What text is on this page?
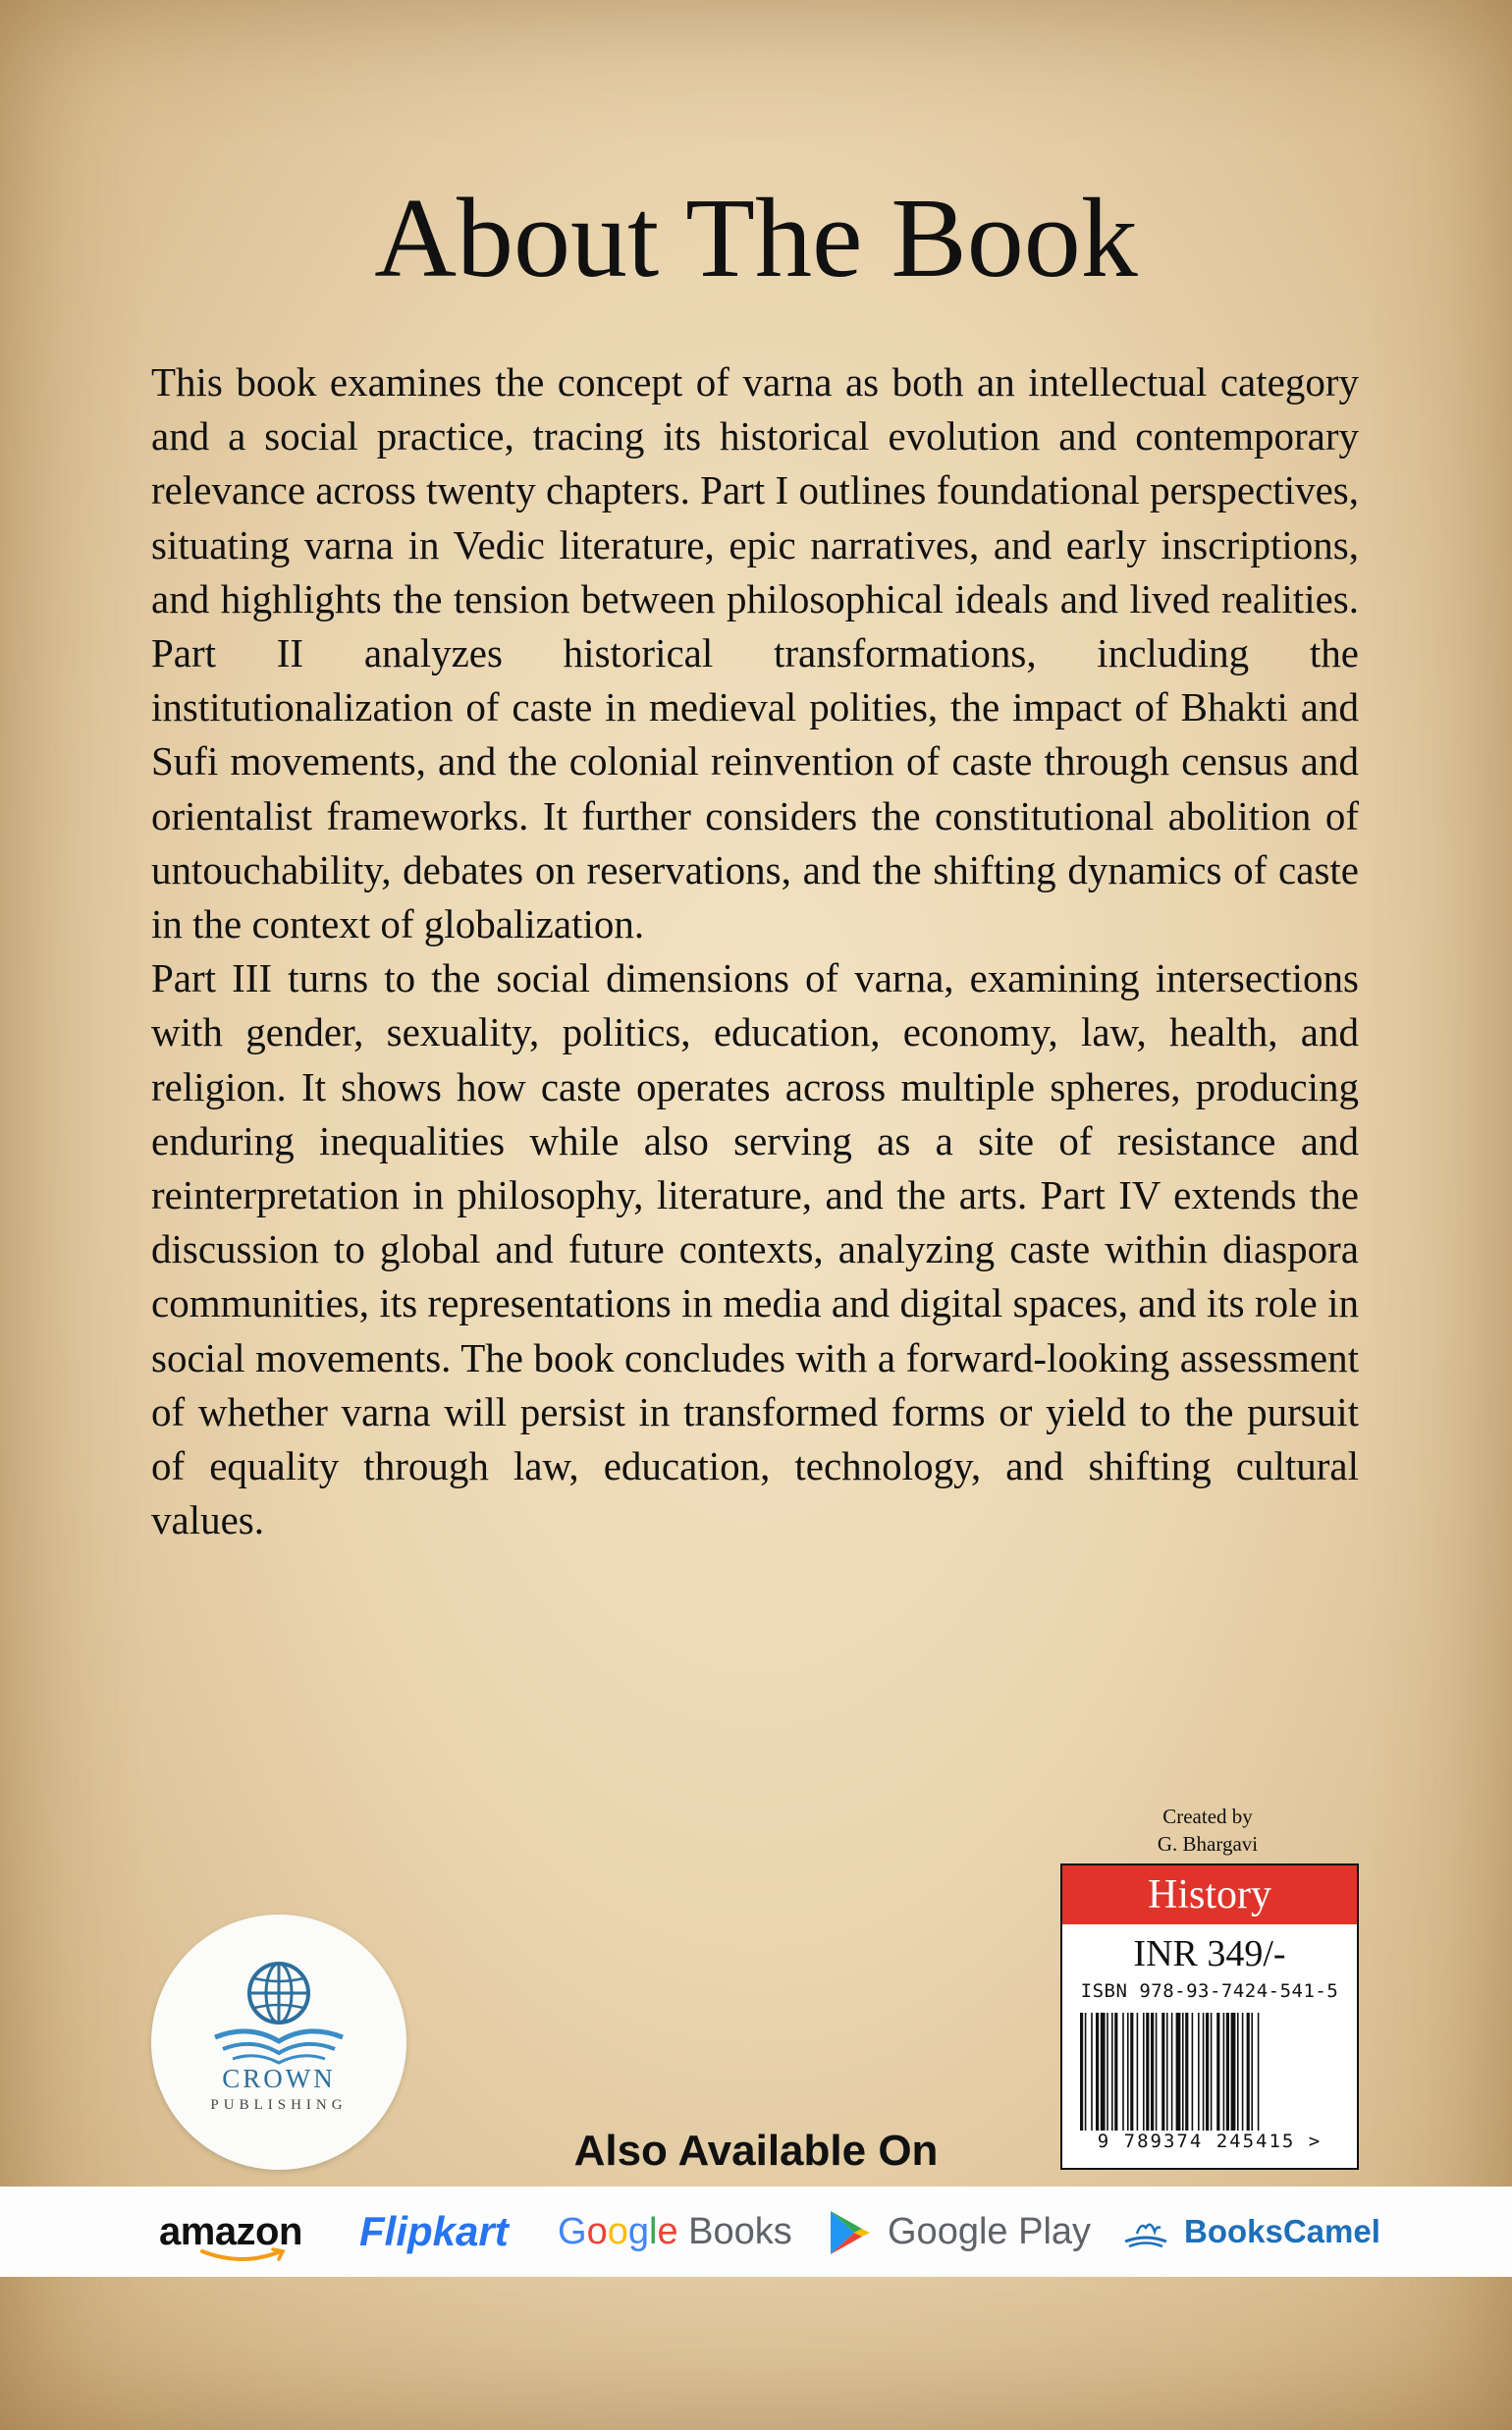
About The Book

This book examines the concept of varna as both an intellectual category and a social practice, tracing its historical evolution and contemporary relevance across twenty chapters. Part I outlines foundational perspectives, situating varna in Vedic literature, epic narratives, and early inscriptions, and highlights the tension between philosophical ideals and lived realities. Part II analyzes historical transformations, including the institutionalization of caste in medieval polities, the impact of Bhakti and Sufi movements, and the colonial reinvention of caste through census and orientalist frameworks. It further considers the constitutional abolition of untouchability, debates on reservations, and the shifting dynamics of caste in the context of globalization.

Part III turns to the social dimensions of varna, examining intersections with gender, sexuality, politics, education, economy, law, health, and religion. It shows how caste operates across multiple spheres, producing enduring inequalities while also serving as a site of resistance and reinterpretation in philosophy, literature, and the arts. Part IV extends the discussion to global and future contexts, analyzing caste within diaspora communities, its representations in media and digital spaces, and its role in social movements. The book concludes with a forward-looking assessment of whether varna will persist in transformed forms or yield to the pursuit of equality through law, education, technology, and shifting cultural values.

Created by
G. Bhargavi
History
INR 349/-
ISBN 978-93-7424-541-5
9 789374 245415 >
CROWN
PUBLISHING
Also Available On
amazon Flipkart Google Books	Google Play	BooksCamel
